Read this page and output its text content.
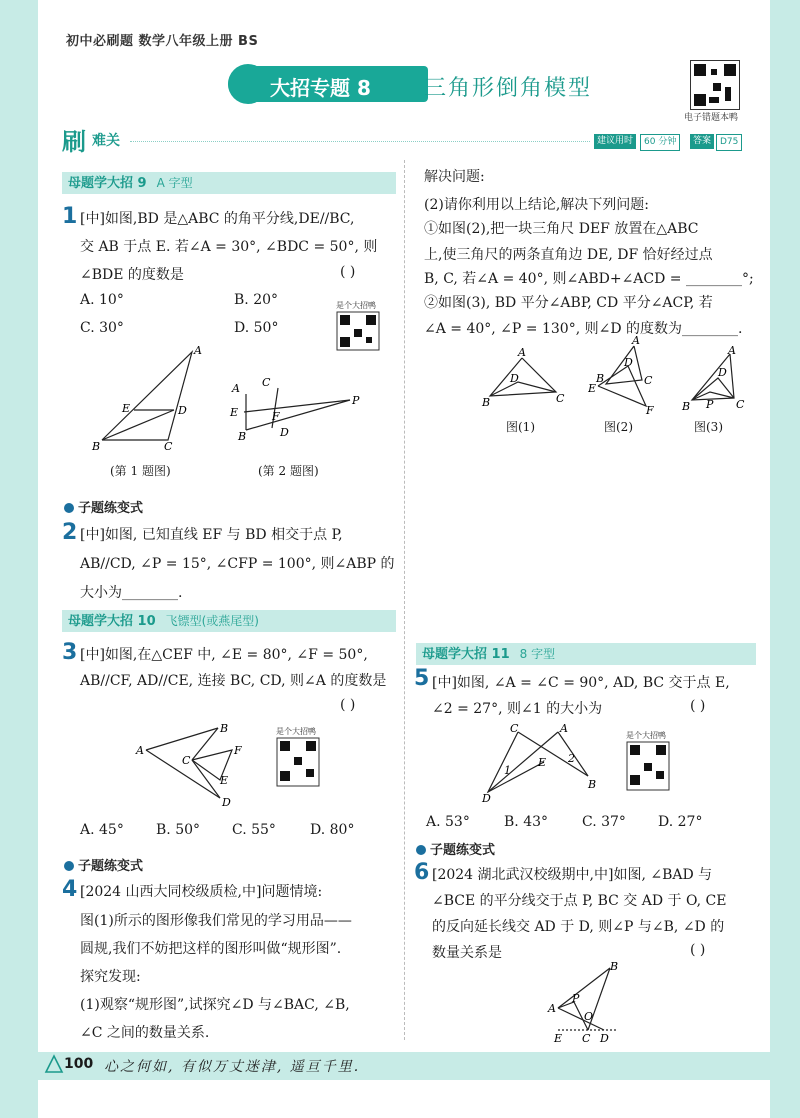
初中必刷题 数学八年级上册 BS
大招专题 8 三角形倒角模型
电子错题本鸭
刷 难关	建议用时	60 分钟	答案 D75
母题学大招 9 A 字型
1 [中]如图,BD 是△ABC 的角平分线,DE//BC,
交 AB 于点 E. 若∠A = 30°, ∠BDC = 50°, 则
∠BDE 的度数是	( )
A. 10°	B. 20°
C. 30°	D. 50°
是个大招鸭
A
B	C
D
E
(第 1 题图)
A C
E	F
P
B	D
(第 2 题图)
子题练变式
2 [中]如图, 已知直线 EF 与 BD 相交于点 P,
AB//CD, ∠P = 15°, ∠CFP = 100°, 则∠ABP 的
大小为________.
母题学大招 10 飞镖型(或燕尾型)
3 [中]如图,在△CEF 中, ∠E = 80°, ∠F = 50°,
AB//CF, AD//CE, 连接 BC, CD, 则∠A 的度数是
( )
A
B
C
F
E
D
是个大招鸭
A. 45° B. 50° C. 55° D. 80°
子题练变式
4 [2024 山西大同校级质检,中]问题情境:
图(1)所示的图形像我们常见的学习用品——
圆规,我们不妨把这样的图形叫做“规形图”.
探究发现:
(1)观察“规形图”,试探究∠D 与∠BAC, ∠B,
∠C 之间的数量关系.
解决问题:
(2)请你利用以上结论,解决下列问题:
①如图(2),把一块三角尺 DEF 放置在△ABC
上,使三角尺的两条直角边 DE, DF 恰好经过点
B, C, 若∠A = 40°, 则∠ABD+∠ACD = ________°;
②如图(3), BD 平分∠ABP, CD 平分∠ACP, 若
∠A = 40°, ∠P = 130°, 则∠D 的度数为________.
A
B	C
D
图(1)
A
B	C
D
E
F
图(2)
A
B	C
D
P
图(3)
母题学大招 11 8 字型
5 [中]如图, ∠A = ∠C = 90°, AD, BC 交于点 E,
∠2 = 27°, 则∠1 的大小为	( )
C	A
E
D
B
1
2
是个大招鸭
A. 53° B. 43° C. 37° D. 27°
子题练变式
6 [2024 湖北武汉校级期中,中]如图, ∠BAD 与
∠BCE 的平分线交于点 P, BC 交 AD 于 O, CE
的反向延长线交 AD 于 D, 则∠P 与∠B, ∠D 的
数量关系是	( )
B
A
P
O
E C D
100 心之何如, 有似万丈迷津, 遥亘千里.
